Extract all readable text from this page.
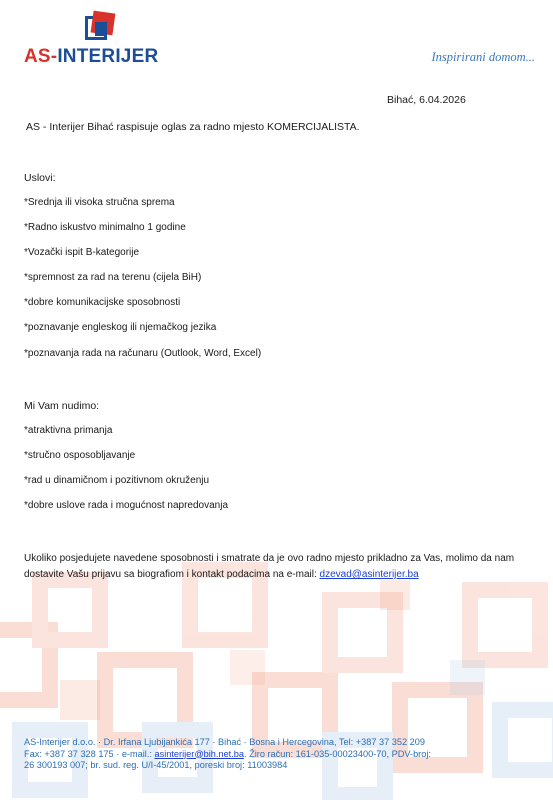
AS-INTERIJER	Inspirirani domom...
Bihać, 6.04.2026
AS - Interijer Bihać raspisuje oglas za radno mjesto KOMERCIJALISTA.
Uslovi:
*Srednja ili visoka stručna sprema
*Radno iskustvo minimalno 1 godine
*Vozački ispit B-kategorije
*spremnost za rad na terenu (cijela BiH)
*dobre komunikacijske sposobnosti
*poznavanje engleskog ili njemačkog jezika
*poznavanja rada na računaru (Outlook, Word, Excel)
Mi Vam nudimo:
*atraktivna primanja
*stručno osposobljavanje
*rad u dinamičnom i pozitivnom okruženju
*dobre uslove rada i mogućnost napredovanja
Ukoliko posjedujete navedene sposobnosti i smatrate da je ovo radno mjesto prikladno za Vas, molimo da nam dostavite Vašu prijavu sa biografiom i kontakt podacima na e-mail: dzevad@asinterijer.ba
AS-Interijer d.o.o. · Dr. Irfana Ljubijankića 177 · Bihać · Bosna i Hercegovina, Tel: +387 37 352 209
Fax: +387 37 328 175 · e-mail.: asinterijer@bih.net.ba. Žiro račun: 161-035-00023400-70, PDV-broj:
26 300193 007; br. sud. reg. U/I-45/2001, poreski broj: 11003984
